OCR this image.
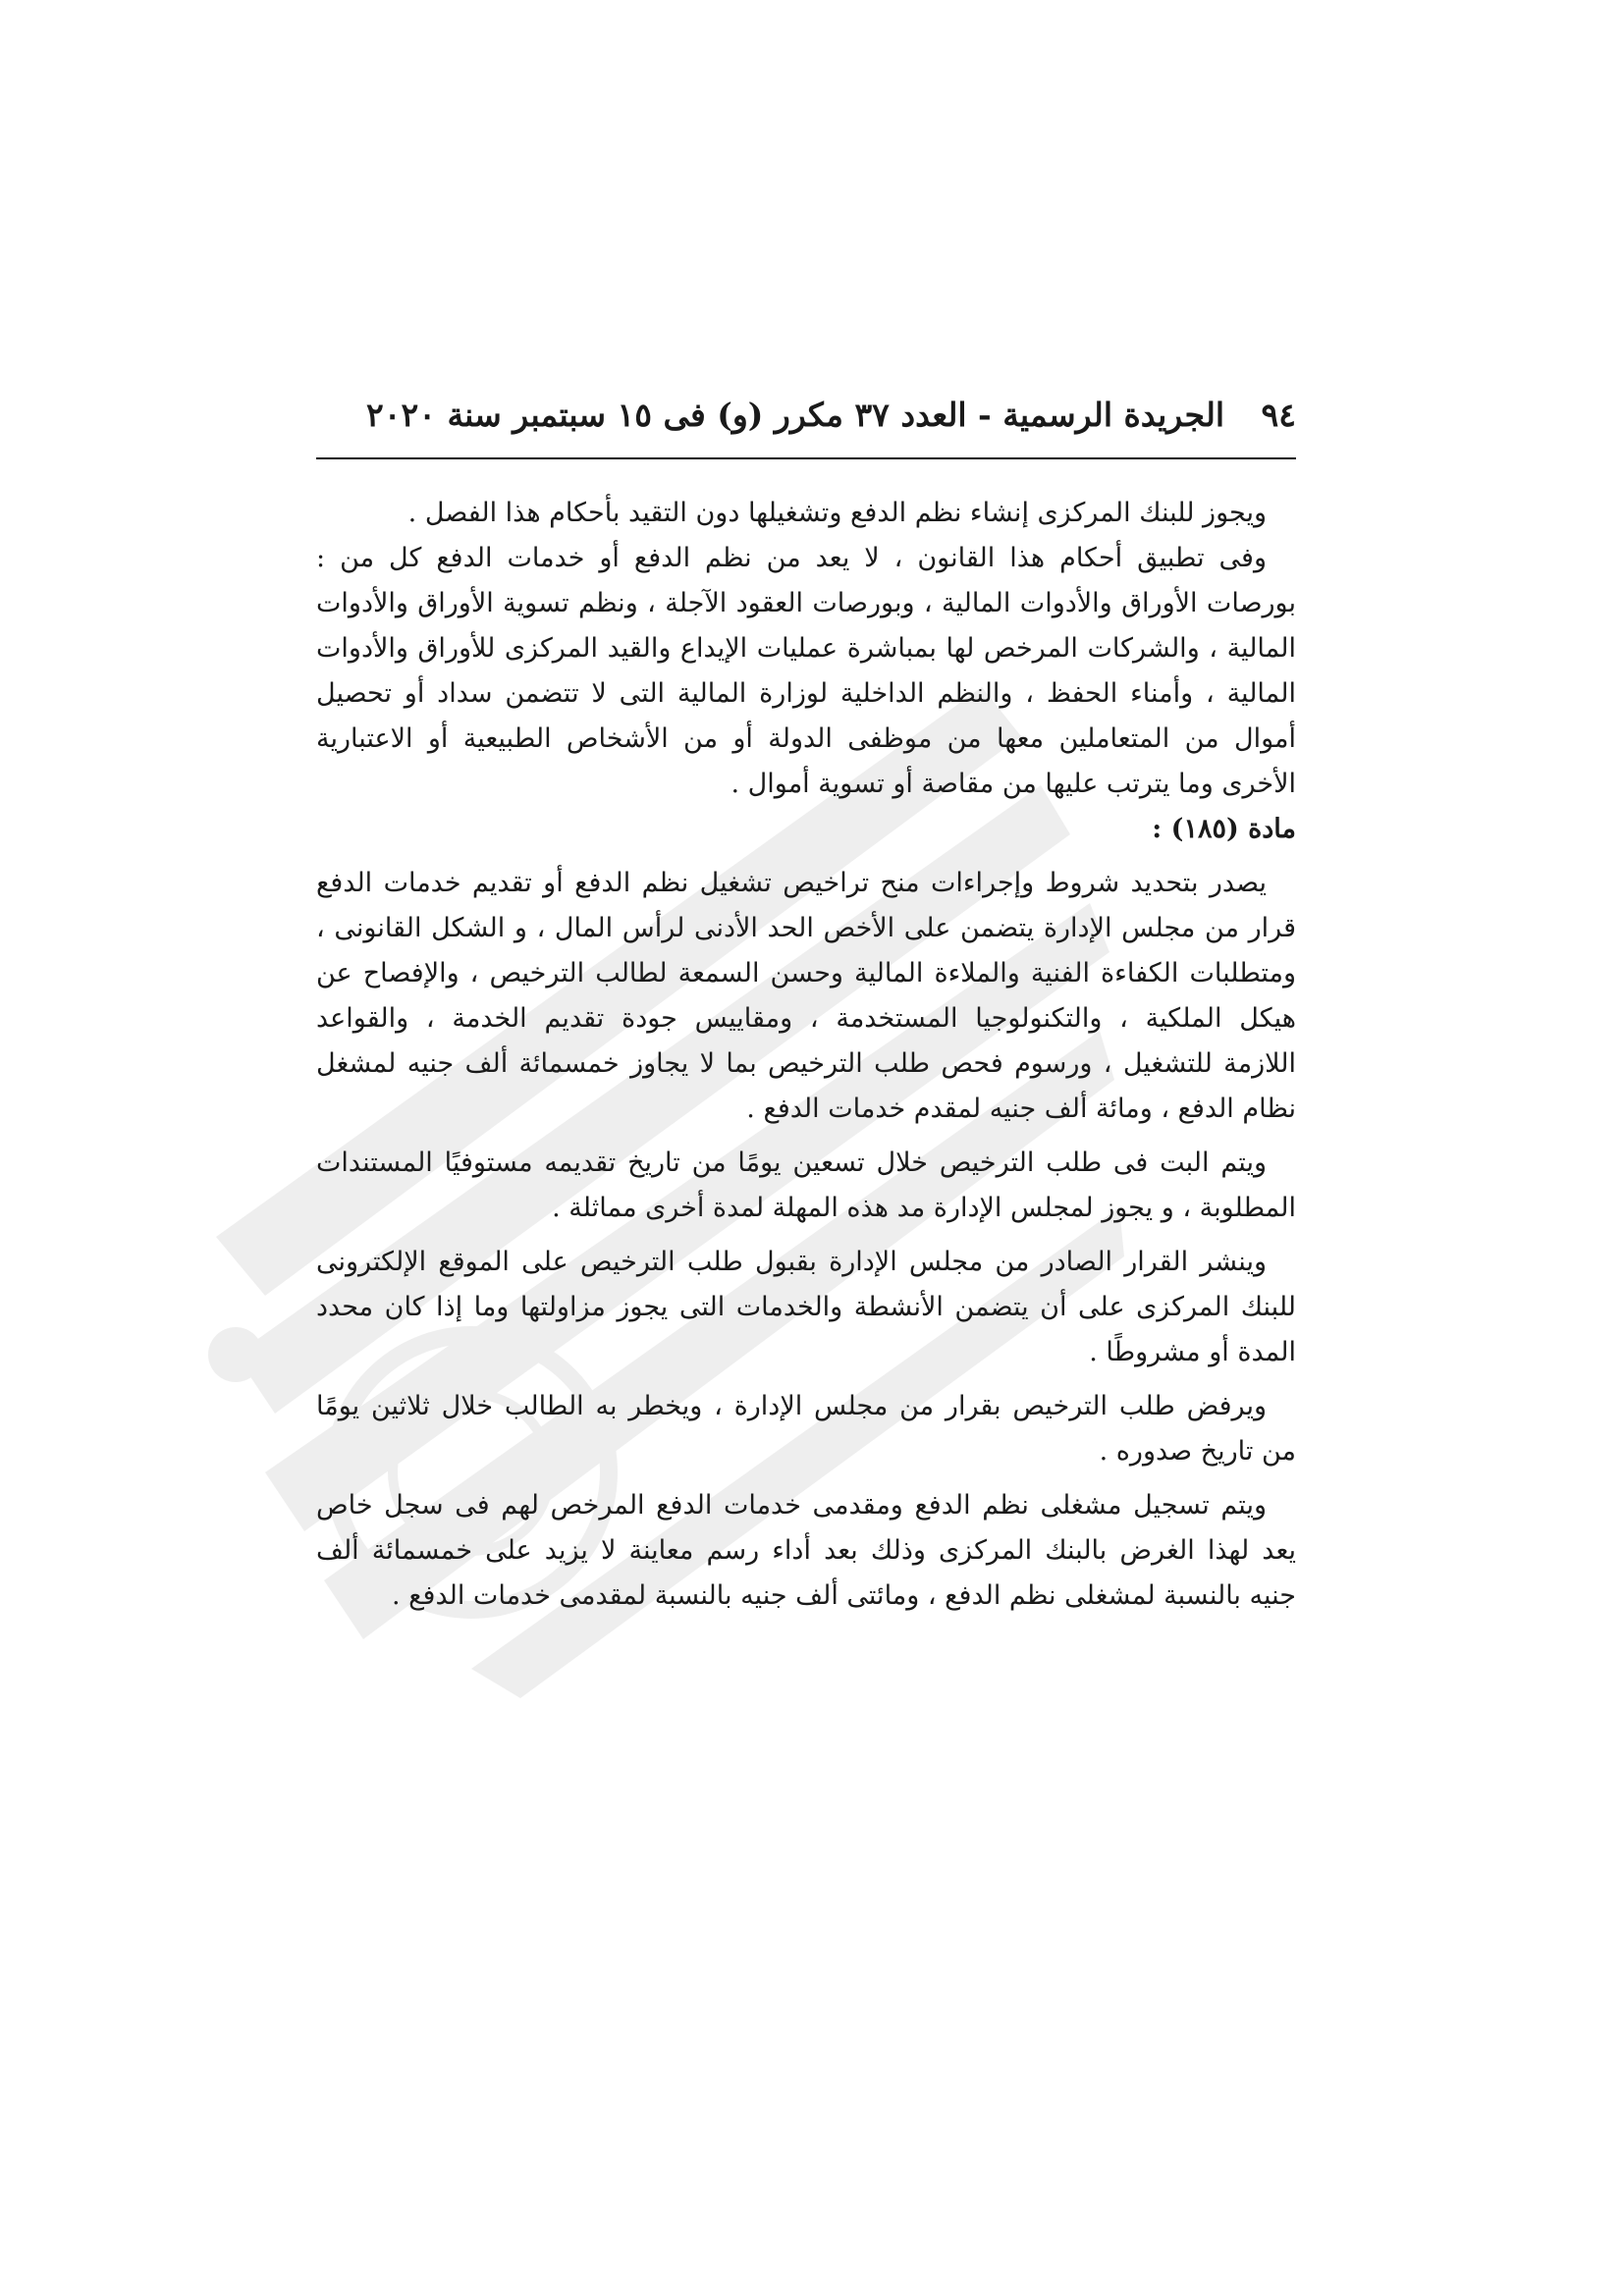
٩٤ الجريدة الرسمية - العدد ٣٧ مكرر (و) فى ١٥ سبتمبر سنة ٢٠٢٠
ويجوز للبنك المركزى إنشاء نظم الدفع وتشغيلها دون التقيد بأحكام هذا الفصل .
وفى تطبيق أحكام هذا القانون ، لا يعد من نظم الدفع أو خدمات الدفع كل من :
بورصات الأوراق والأدوات المالية ، وبورصات العقود الآجلة ، ونظم تسوية الأوراق والأدوات
المالية ، والشركات المرخص لها بمباشرة عمليات الإيداع والقيد المركزى للأوراق والأدوات
المالية ، وأمناء الحفظ ، والنظم الداخلية لوزارة المالية التى لا تتضمن سداد أو تحصيل
أموال من المتعاملين معها من موظفى الدولة أو من الأشخاص الطبيعية أو الاعتبارية
الأخرى وما يترتب عليها من مقاصة أو تسوية أموال .
مادة (١٨٥) :
يصدر بتحديد شروط وإجراءات منح تراخيص تشغيل نظم الدفع أو تقديم خدمات الدفع
قرار من مجلس الإدارة يتضمن على الأخص الحد الأدنى لرأس المال ، و الشكل القانونى ،
ومتطلبات الكفاءة الفنية والملاءة المالية وحسن السمعة لطالب الترخيص ، والإفصاح عن
هيكل الملكية ، والتكنولوجيا المستخدمة ، ومقاييس جودة تقديم الخدمة ، والقواعد
اللازمة للتشغيل ، ورسوم فحص طلب الترخيص بما لا يجاوز خمسمائة ألف جنيه لمشغل
نظام الدفع ، ومائة ألف جنيه لمقدم خدمات الدفع .
ويتم البت فى طلب الترخيص خلال تسعين يومًا من تاريخ تقديمه مستوفيًا المستندات
المطلوبة ، و يجوز لمجلس الإدارة مد هذه المهلة لمدة أخرى مماثلة .
وينشر القرار الصادر من مجلس الإدارة بقبول طلب الترخيص على الموقع الإلكترونى
للبنك المركزى على أن يتضمن الأنشطة والخدمات التى يجوز مزاولتها وما إذا كان محدد
المدة أو مشروطًا .
ويرفض طلب الترخيص بقرار من مجلس الإدارة ، ويخطر به الطالب خلال ثلاثين يومًا
من تاريخ صدوره .
ويتم تسجيل مشغلى نظم الدفع ومقدمى خدمات الدفع المرخص لهم فى سجل خاص
يعد لهذا الغرض بالبنك المركزى وذلك بعد أداء رسم معاينة لا يزيد على خمسمائة ألف
جنيه بالنسبة لمشغلى نظم الدفع ، ومائتى ألف جنيه بالنسبة لمقدمى خدمات الدفع .
